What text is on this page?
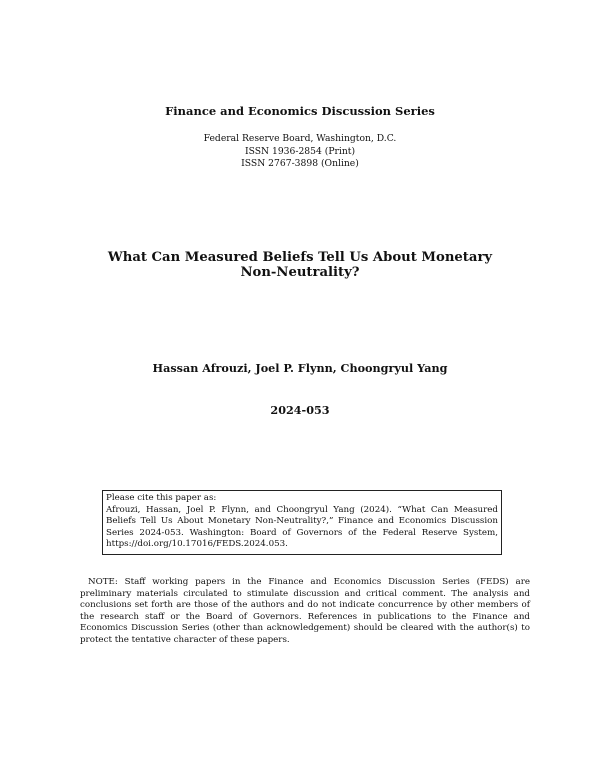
Finance and Economics Discussion Series
Federal Reserve Board, Washington, D.C.
ISSN 1936-2854 (Print)
ISSN 2767-3898 (Online)
What Can Measured Beliefs Tell Us About Monetary
Non-Neutrality?
Hassan Afrouzi, Joel P. Flynn, Choongryul Yang
2024-053
Please cite this paper as:
Afrouzi, Hassan, Joel P. Flynn, and Choongryul Yang (2024). “What Can Measured Beliefs Tell Us About Monetary Non-Neutrality?,” Finance and Economics Discussion Series 2024-053. Washington: Board of Governors of the Federal Reserve System, https://doi.org/10.17016/FEDS.2024.053.
NOTE: Staff working papers in the Finance and Economics Discussion Series (FEDS) are preliminary materials circulated to stimulate discussion and critical comment. The analysis and conclusions set forth are those of the authors and do not indicate concurrence by other members of the research staff or the Board of Governors. References in publications to the Finance and Economics Discussion Series (other than acknowledgement) should be cleared with the author(s) to protect the tentative character of these papers.
